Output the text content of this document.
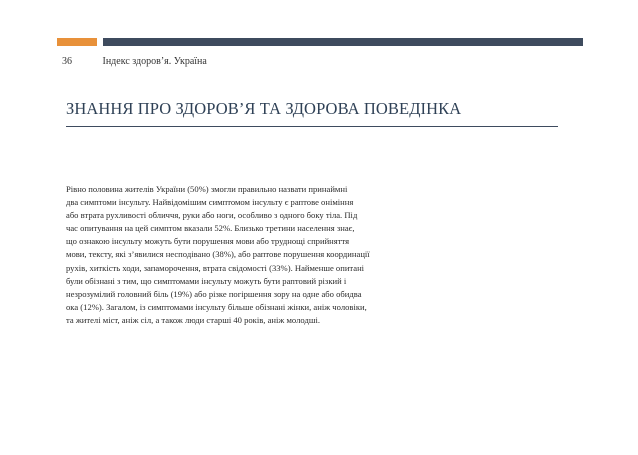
36	Індекс здоров’я. Україна
ЗНАННЯ ПРО ЗДОРОВ’Я ТА ЗДОРОВА ПОВЕДІНКА

Рівно половина жителів України (50%) змогли правильно назвати принаймні
два симптоми інсульту. Найвідомішим симптомом інсульту є раптове оніміння
або втрата рухливості обличчя, руки або ноги, особливо з одного боку тіла. Під
час опитування на цей симптом вказали 52%. Близько третини населення знає,
що ознакою інсульту можуть бути порушення мови або труднощі сприйняття
мови, тексту, які з’явилися несподівано (38%), або раптове порушення координації
рухів, хиткість ходи, запаморочення, втрата свідомості (33%). Найменше опитані
були обізнані з тим, що симптомами інсульту можуть бути раптовий різкий і
незрозумілий головний біль (19%) або різке погіршення зору на одне або обидва
ока (12%). Загалом, із симптомами інсульту більше обізнані жінки, аніж чоловіки,
та жителі міст, аніж сіл, а також люди старші 40 років, аніж молодші.
